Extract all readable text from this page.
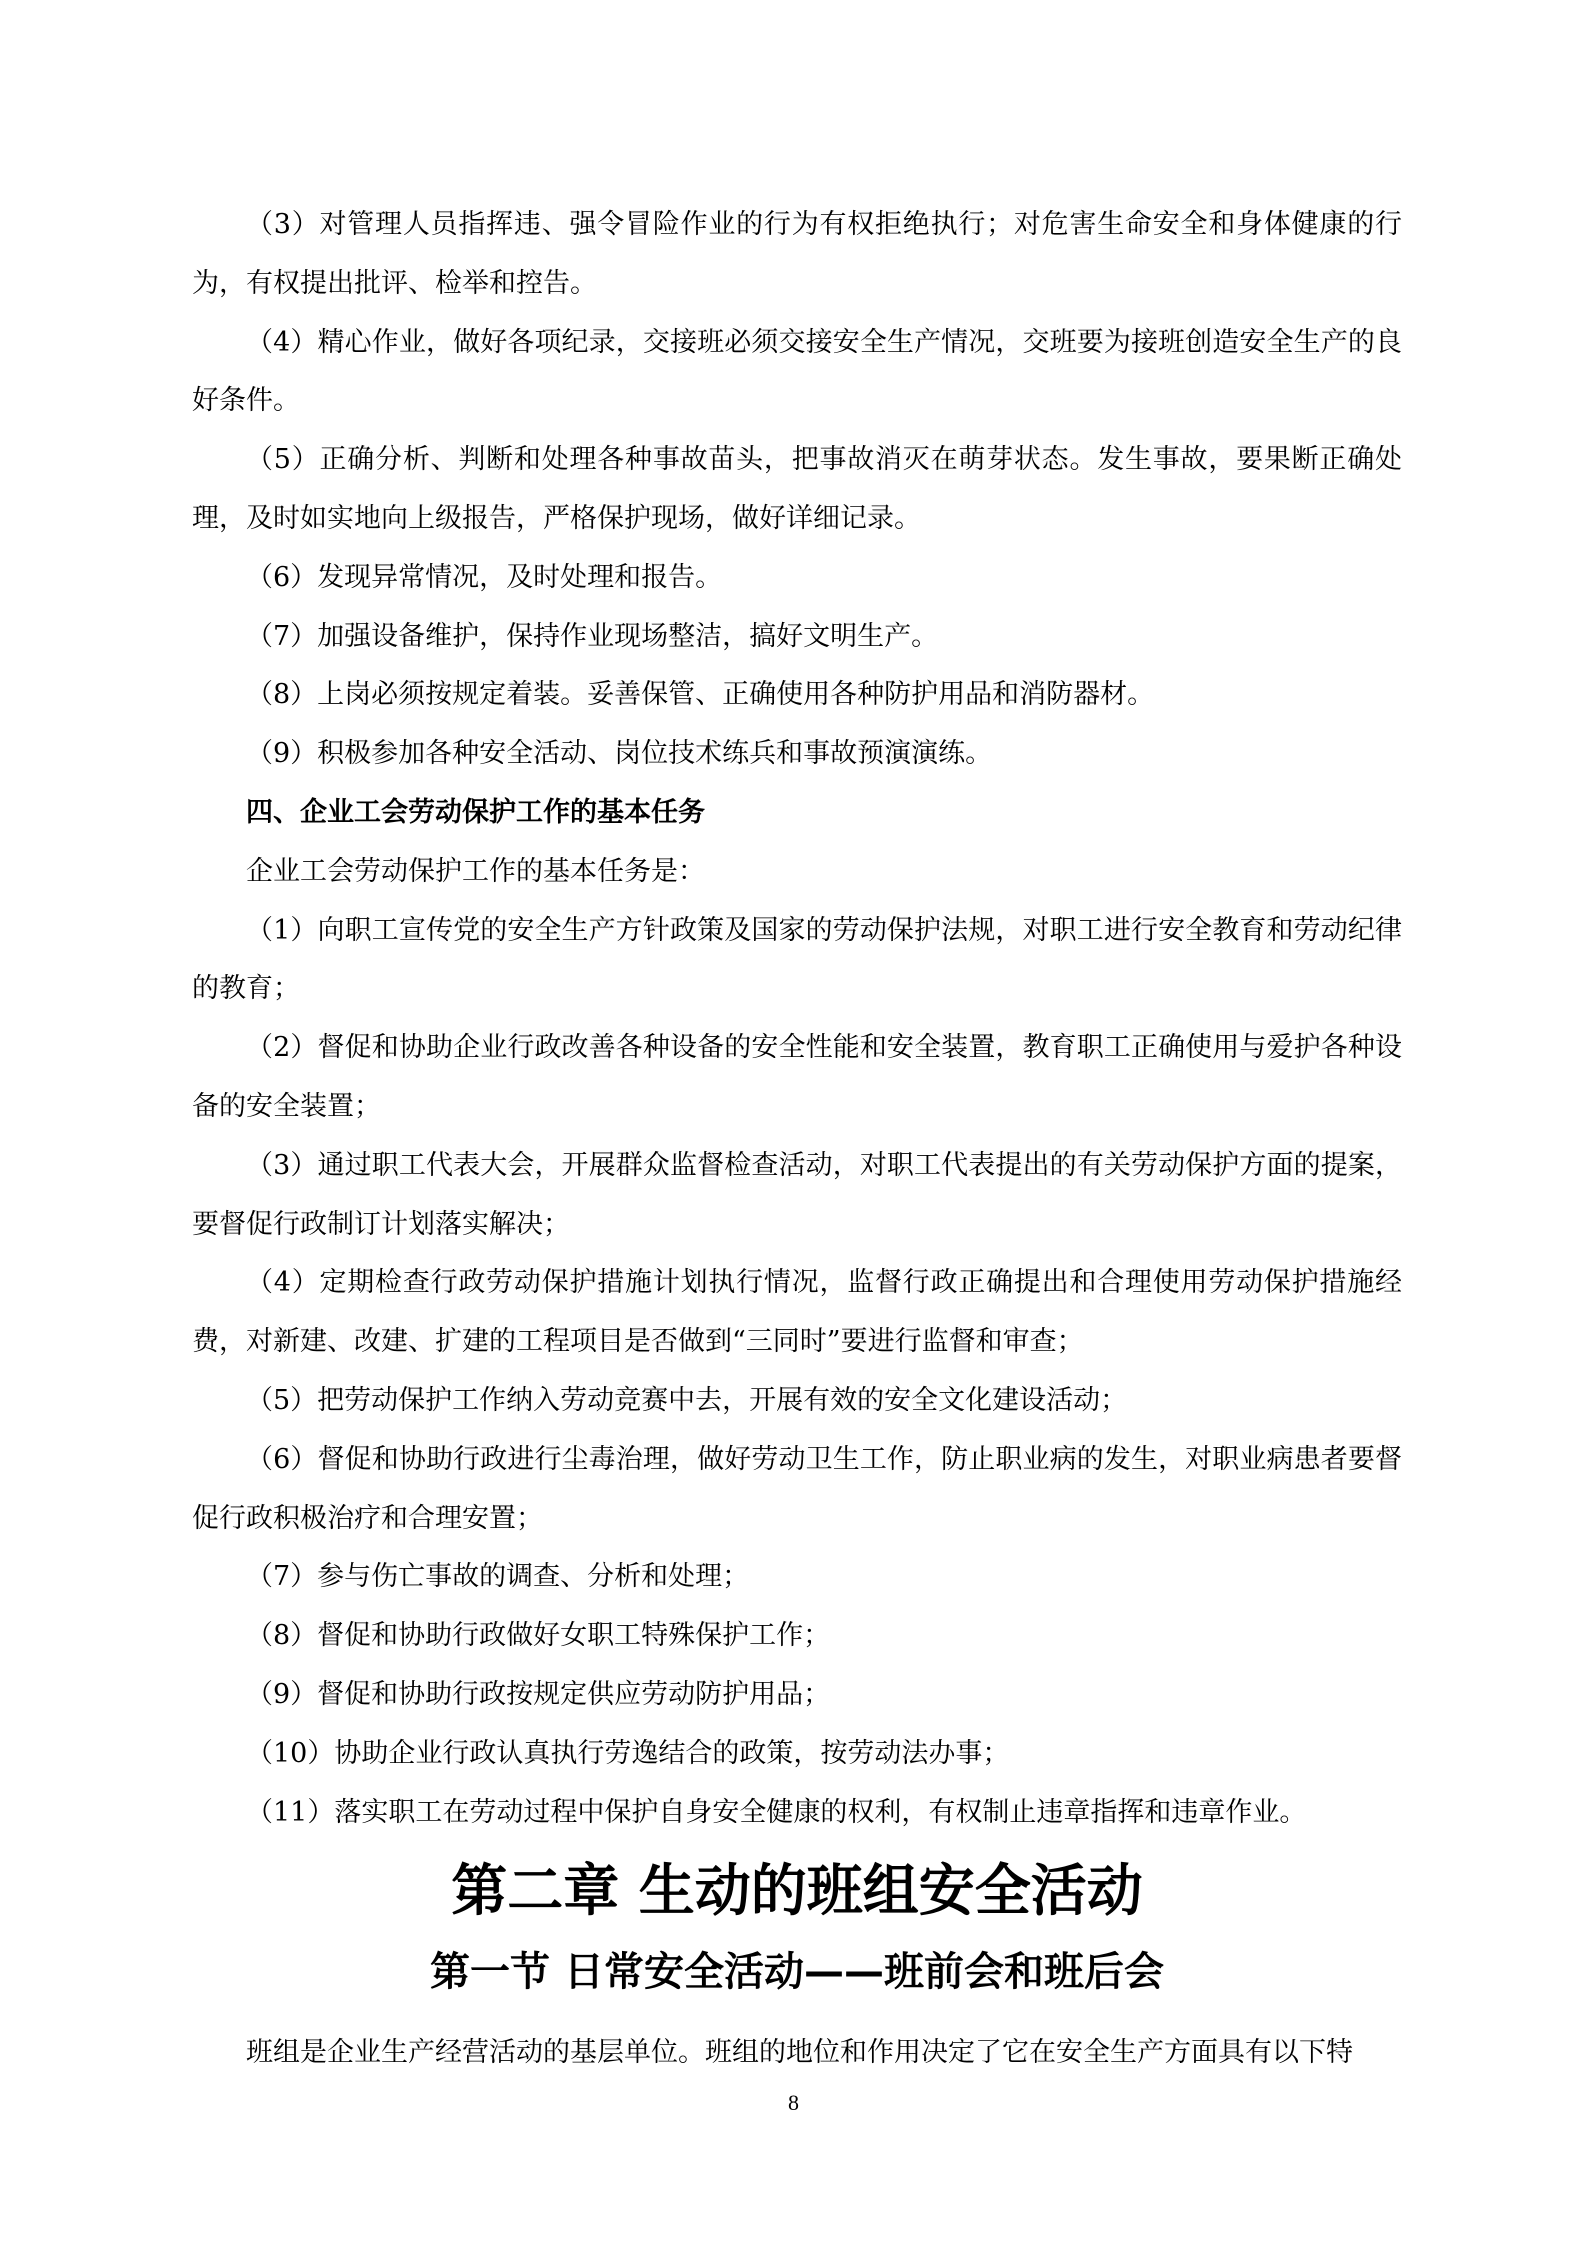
（3）对管理人员指挥违、强令冒险作业的行为有权拒绝执行；对危害生命安全和身体健康的行为，有权提出批评、检举和控告。

（4）精心作业，做好各项纪录，交接班必须交接安全生产情况，交班要为接班创造安全生产的良好条件。

（5）正确分析、判断和处理各种事故苗头，把事故消灭在萌芽状态。发生事故，要果断正确处理，及时如实地向上级报告，严格保护现场，做好详细记录。

（6）发现异常情况，及时处理和报告。

（7）加强设备维护，保持作业现场整洁，搞好文明生产。

（8）上岗必须按规定着装。妥善保管、正确使用各种防护用品和消防器材。

（9）积极参加各种安全活动、岗位技术练兵和事故预演演练。

四、企业工会劳动保护工作的基本任务

企业工会劳动保护工作的基本任务是：

（1）向职工宣传党的安全生产方针政策及国家的劳动保护法规，对职工进行安全教育和劳动纪律的教育；

（2）督促和协助企业行政改善各种设备的安全性能和安全装置，教育职工正确使用与爱护各种设备的安全装置；

（3）通过职工代表大会，开展群众监督检查活动，对职工代表提出的有关劳动保护方面的提案，要督促行政制订计划落实解决；

（4）定期检查行政劳动保护措施计划执行情况，监督行政正确提出和合理使用劳动保护措施经费，对新建、改建、扩建的工程项目是否做到“三同时”要进行监督和审查；

（5）把劳动保护工作纳入劳动竞赛中去，开展有效的安全文化建设活动；

（6）督促和协助行政进行尘毒治理，做好劳动卫生工作，防止职业病的发生，对职业病患者要督促行政积极治疗和合理安置；

（7）参与伤亡事故的调查、分析和处理；

（8）督促和协助行政做好女职工特殊保护工作；

（9）督促和协助行政按规定供应劳动防护用品；

（10）协助企业行政认真执行劳逸结合的政策，按劳动法办事；

（11）落实职工在劳动过程中保护自身安全健康的权利，有权制止违章指挥和违章作业。

第二章 生动的班组安全活动
第一节 日常安全活动——班前会和班后会

班组是企业生产经营活动的基层单位。班组的地位和作用决定了它在安全生产方面具有以下特

8
